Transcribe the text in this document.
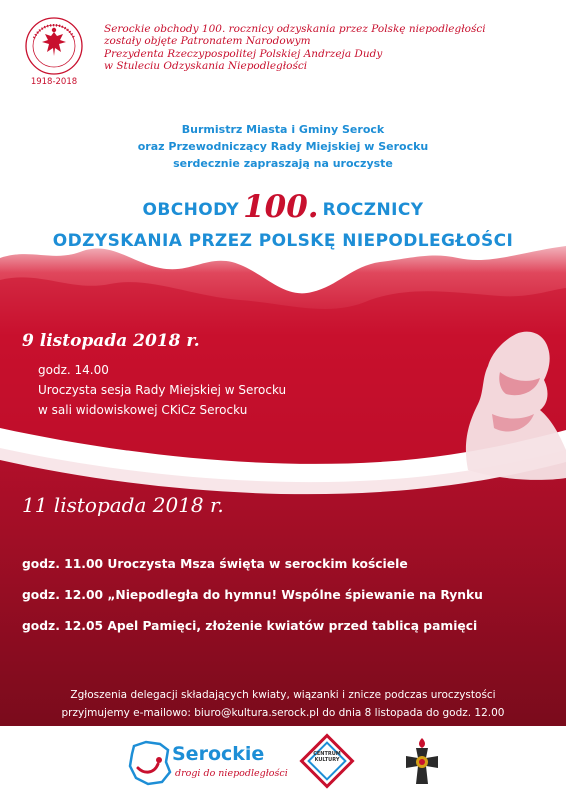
1918-2018
Serockie obchody 100. rocznicy odzyskania przez Polskę niepodległości
zostały objęte Patronatem Narodowym
Prezydenta Rzeczypospolitej Polskiej Andrzeja Dudy
w Stuleciu Odzyskania Niepodległości
Burmistrz Miasta i Gminy Serock
oraz Przewodniczący Rady Miejskiej w Serocku
serdecznie zapraszają na uroczyste
OBCHODY 100. ROCZNICY
ODZYSKANIA PRZEZ POLSKĘ NIEPODLEGŁOŚCI
9 listopada 2018 r.
godz. 14.00
Uroczysta sesja Rady Miejskiej w Serocku
w sali widowiskowej CKiCz Serocku
11 listopada 2018 r.
godz. 11.00 Uroczysta Msza święta w serockim kościele
godz. 12.00 „Niepodległa do hymnu! Wspólne śpiewanie na Rynku
godz. 12.05 Apel Pamięci, złożenie kwiatów przed tablicą pamięci
Zgłoszenia delegacji składających kwiaty, wiązanki i znicze podczas uroczystości
przyjmujemy e-mailowo: biuro@kultura.serock.pl do dnia 8 listopada do godz. 12.00
Serockie
drogi do niepodległości
CENTRUM KULTURY
